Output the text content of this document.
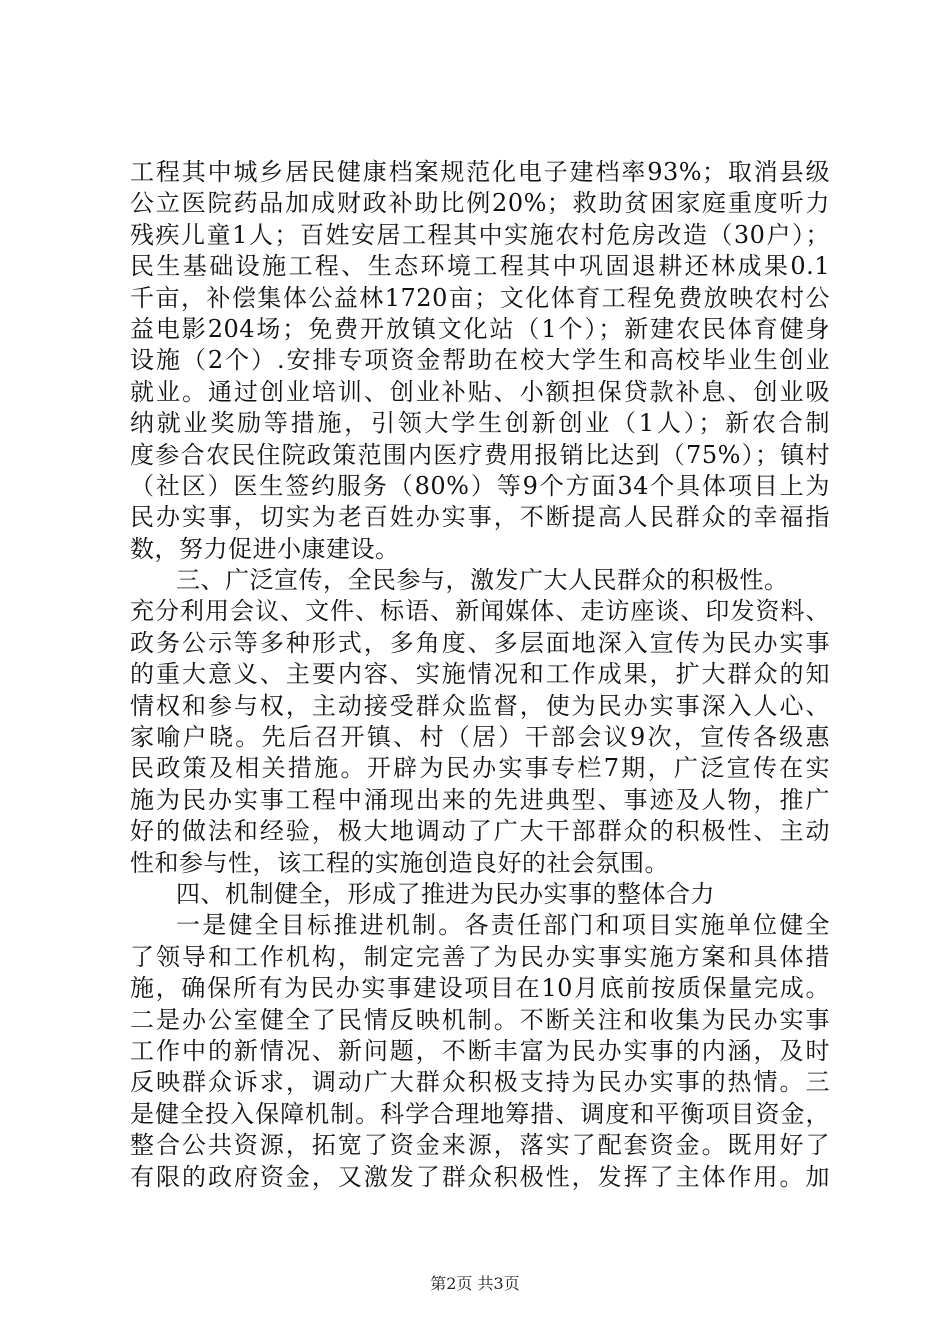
工程其中城乡居民健康档案规范化电子建档率93%；取消县级
公立医院药品加成财政补助比例20%；救助贫困家庭重度听力
残疾儿童1人；百姓安居工程其中实施农村危房改造（30户）；
民生基础设施工程、生态环境工程其中巩固退耕还林成果0.1
千亩，补偿集体公益林1720亩；文化体育工程免费放映农村公
益电影204场；免费开放镇文化站（1个）；新建农民体育健身
设施（2个）.安排专项资金帮助在校大学生和高校毕业生创业
就业。通过创业培训、创业补贴、小额担保贷款补息、创业吸
纳就业奖励等措施，引领大学生创新创业（1人）；新农合制
度参合农民住院政策范围内医疗费用报销比达到（75%）；镇村
（社区）医生签约服务（80%）等9个方面34个具体项目上为
民办实事，切实为老百姓办实事，不断提高人民群众的幸福指
数，努力促进小康建设。
三、广泛宣传，全民参与，激发广大人民群众的积极性。
充分利用会议、文件、标语、新闻媒体、走访座谈、印发资料、
政务公示等多种形式，多角度、多层面地深入宣传为民办实事
的重大意义、主要内容、实施情况和工作成果，扩大群众的知
情权和参与权，主动接受群众监督，使为民办实事深入人心、
家喻户晓。先后召开镇、村（居）干部会议9次，宣传各级惠
民政策及相关措施。开辟为民办实事专栏7期，广泛宣传在实
施为民办实事工程中涌现出来的先进典型、事迹及人物，推广
好的做法和经验，极大地调动了广大干部群众的积极性、主动
性和参与性，该工程的实施创造良好的社会氛围。
四、机制健全，形成了推进为民办实事的整体合力
一是健全目标推进机制。各责任部门和项目实施单位健全
了领导和工作机构，制定完善了为民办实事实施方案和具体措
施，确保所有为民办实事建设项目在10月底前按质保量完成。
二是办公室健全了民情反映机制。不断关注和收集为民办实事
工作中的新情况、新问题，不断丰富为民办实事的内涵，及时
反映群众诉求，调动广大群众积极支持为民办实事的热情。三
是健全投入保障机制。科学合理地筹措、调度和平衡项目资金，
整合公共资源，拓宽了资金来源，落实了配套资金。既用好了
有限的政府资金，又激发了群众积极性，发挥了主体作用。加
第2页 共3页
